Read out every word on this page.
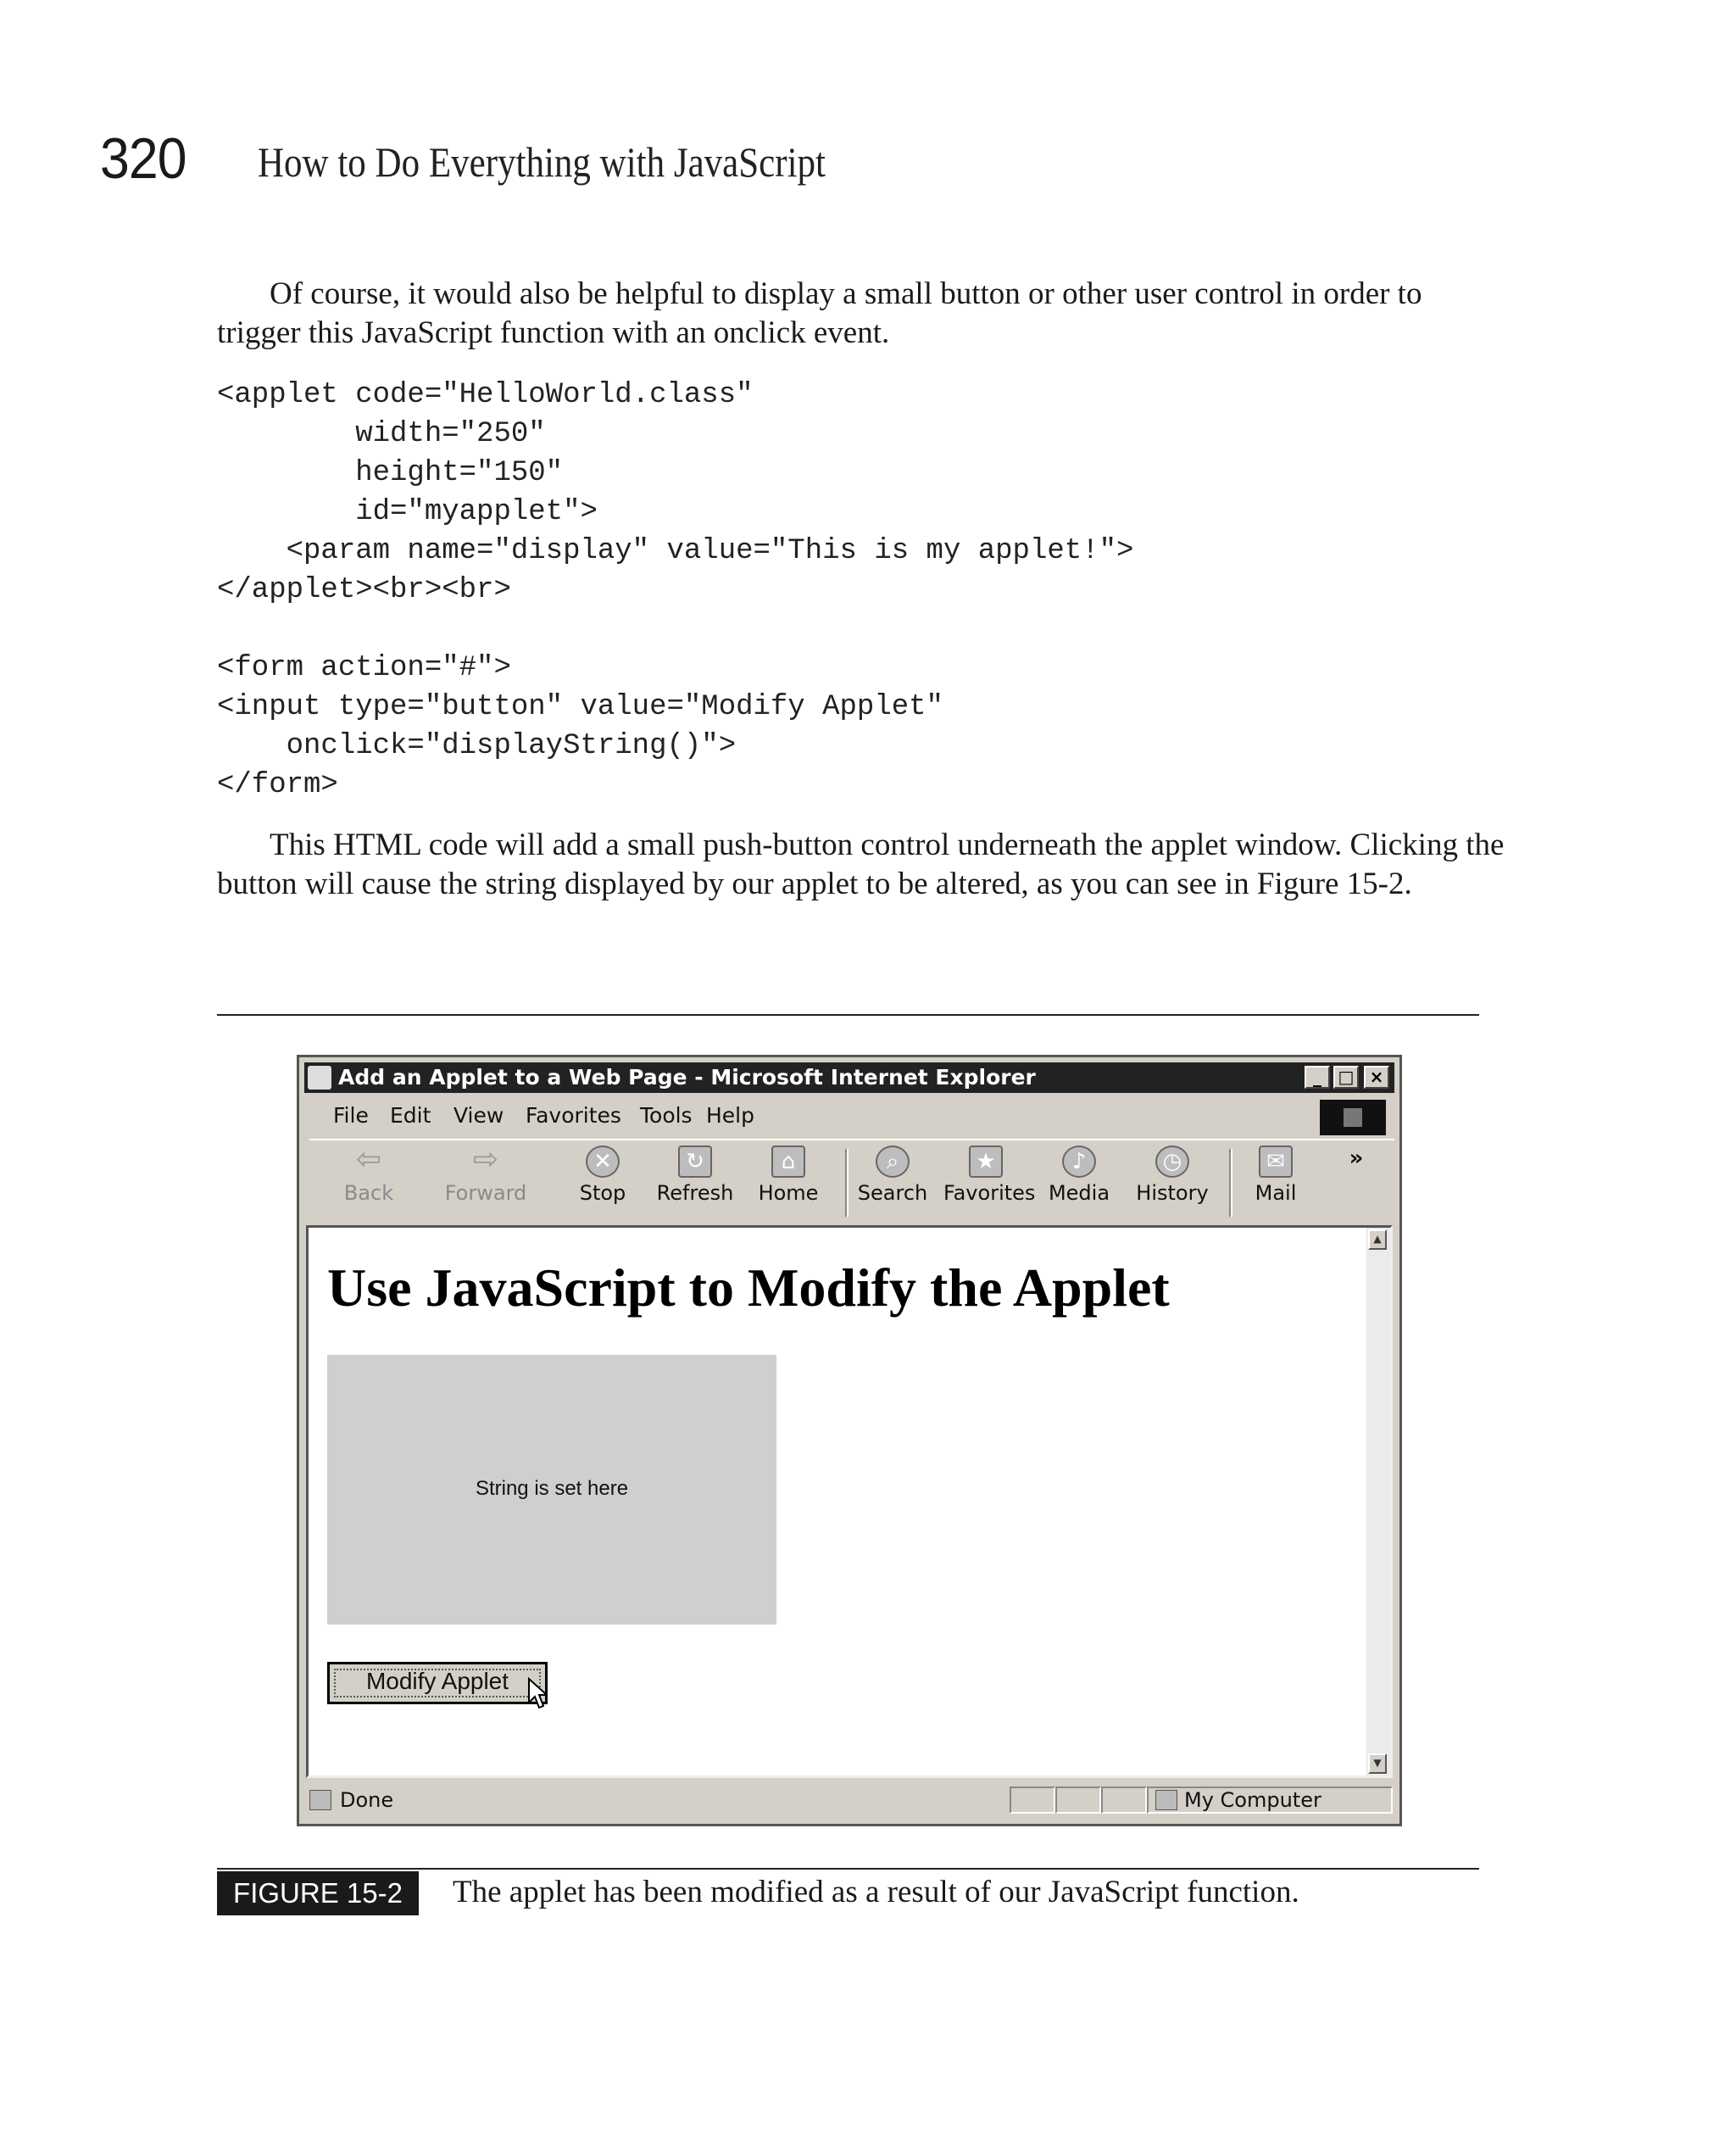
320 How to Do Everything with JavaScript

Of course, it would also be helpful to display a small button or other user control in order to trigger this JavaScript function with an onclick event.

<applet code="HelloWorld.class"
width="250"
height="150"
id="myapplet">
<param name="display" value="This is my applet!">
</applet><br><br>

<form action="#">
<input type="button" value="Modify Applet"
onclick="displayString()">
</form>

This HTML code will add a small push-button control underneath the applet window. Clicking the button will cause the string displayed by our applet to be altered, as you can see in Figure 15-2.

Add an Applet to a Web Page - Microsoft Internet Explorer	_ □ ×
File Edit View Favorites Tools Help
⇦
Back
⇨
Forward
✕
Stop
↻
Refresh
⌂
Home
⌕
Search
★
Favorites
♪
Media
◷
History
✉
Mail
»
Use JavaScript to Modify the Applet
String is set here
Modify Applet
▲
▼
Done	My Computer
FIGURE 15-2	The applet has been modified as a result of our JavaScript function.
